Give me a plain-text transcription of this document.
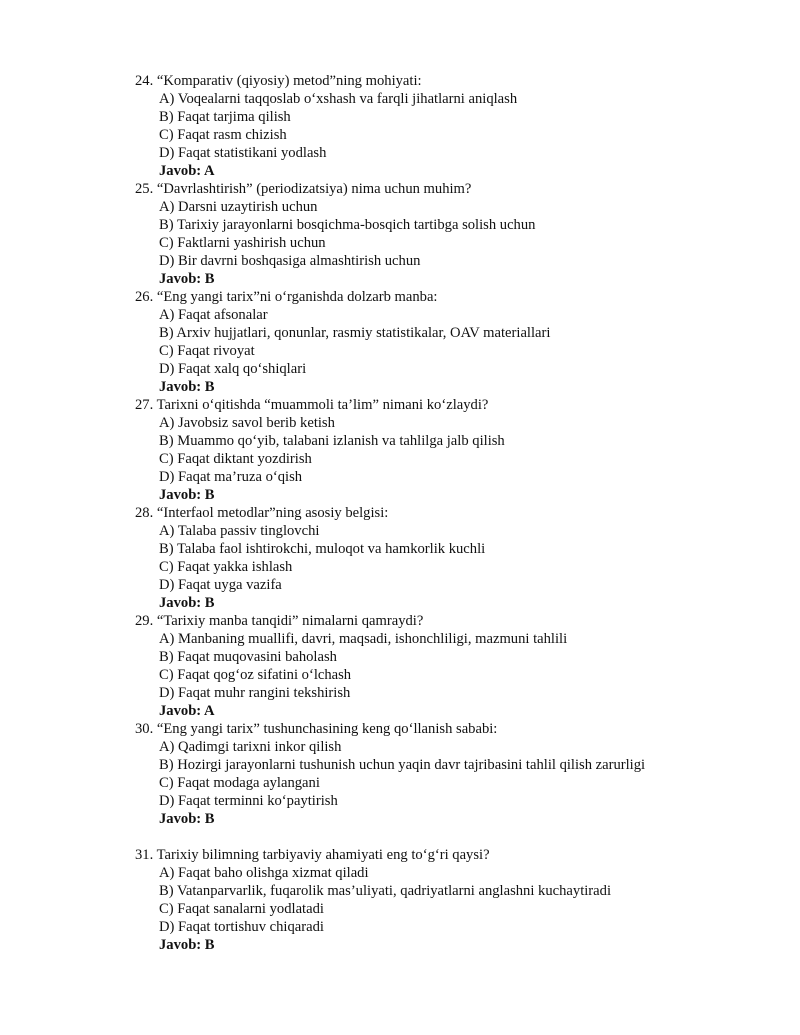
24. “Komparativ (qiyosiy) metod”ning mohiyati:
A) Voqealarni taqqoslab o‘xshash va farqli jihatlarni aniqlash
B) Faqat tarjima qilish
C) Faqat rasm chizish
D) Faqat statistikani yodlash
Javob: A
25. “Davrlashtirish” (periodizatsiya) nima uchun muhim?
A) Darsni uzaytirish uchun
B) Tarixiy jarayonlarni bosqichma-bosqich tartibga solish uchun
C) Faktlarni yashirish uchun
D) Bir davrni boshqasiga almashtirish uchun
Javob: B
26. “Eng yangi tarix”ni o‘rganishda dolzarb manba:
A) Faqat afsonalar
B) Arxiv hujjatlari, qonunlar, rasmiy statistikalar, OAV materiallari
C) Faqat rivoyat
D) Faqat xalq qo‘shiqlari
Javob: B
27. Tarixni o‘qitishda “muammoli ta’lim” nimani ko‘zlaydi?
A) Javobsiz savol berib ketish
B) Muammo qo‘yib, talabani izlanish va tahlilga jalb qilish
C) Faqat diktant yozdirish
D) Faqat ma’ruza o‘qish
Javob: B
28. “Interfaol metodlar”ning asosiy belgisi:
A) Talaba passiv tinglovchi
B) Talaba faol ishtirokchi, muloqot va hamkorlik kuchli
C) Faqat yakka ishlash
D) Faqat uyga vazifa
Javob: B
29. “Tarixiy manba tanqidi” nimalarni qamraydi?
A) Manbaning muallifi, davri, maqsadi, ishonchliligi, mazmuni tahlili
B) Faqat muqovasini baholash
C) Faqat qog‘oz sifatini o‘lchash
D) Faqat muhr rangini tekshirish
Javob: A
30. “Eng yangi tarix” tushunchasining keng qo‘llanish sababi:
A) Qadimgi tarixni inkor qilish
B) Hozirgi jarayonlarni tushunish uchun yaqin davr tajribasini tahlil qilish zarurligi
C) Faqat modaga aylangani
D) Faqat terminni ko‘paytirish
Javob: B
31. Tarixiy bilimning tarbiyaviy ahamiyati eng to‘g‘ri qaysi?
A) Faqat baho olishga xizmat qiladi
B) Vatanparvarlik, fuqarolik mas’uliyati, qadriyatlarni anglashni kuchaytiradi
C) Faqat sanalarni yodlatadi
D) Faqat tortishuv chiqaradi
Javob: B
